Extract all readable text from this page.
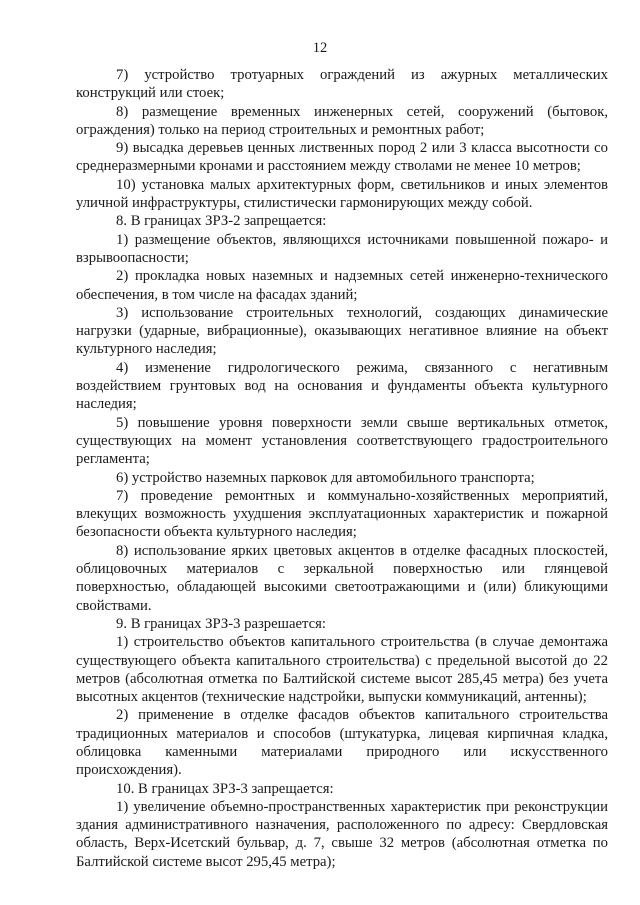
12

7) устройство тротуарных ограждений из ажурных металлических конструкций или стоек;

8) размещение временных инженерных сетей, сооружений (бытовок, ограждения) только на период строительных и ремонтных работ;

9) высадка деревьев ценных лиственных пород 2 или 3 класса высотности со среднеразмерными кронами и расстоянием между стволами не менее 10 метров;

10) установка малых архитектурных форм, светильников и иных элементов уличной инфраструктуры, стилистически гармонирующих между собой.

8. В границах ЗРЗ-2 запрещается:

1) размещение объектов, являющихся источниками повышенной пожаро- и взрывоопасности;

2) прокладка новых наземных и надземных сетей инженерно-технического обеспечения, в том числе на фасадах зданий;

3) использование строительных технологий, создающих динамические нагрузки (ударные, вибрационные), оказывающих негативное влияние на объект культурного наследия;

4) изменение гидрологического режима, связанного с негативным воздействием грунтовых вод на основания и фундаменты объекта культурного наследия;

5) повышение уровня поверхности земли свыше вертикальных отметок, существующих на момент установления соответствующего градостроительного регламента;

6) устройство наземных парковок для автомобильного транспорта;

7) проведение ремонтных и коммунально-хозяйственных мероприятий, влекущих возможность ухудшения эксплуатационных характеристик и пожарной безопасности объекта культурного наследия;

8) использование ярких цветовых акцентов в отделке фасадных плоскостей, облицовочных материалов с зеркальной поверхностью или глянцевой поверхностью, обладающей высокими светоотражающими и (или) бликующими свойствами.

9. В границах ЗРЗ-3 разрешается:

1) строительство объектов капитального строительства (в случае демонтажа существующего объекта капитального строительства) с предельной высотой до 22 метров (абсолютная отметка по Балтийской системе высот 285,45 метра) без учета высотных акцентов (технические надстройки, выпуски коммуникаций, антенны);

2) применение в отделке фасадов объектов капитального строительства традиционных материалов и способов (штукатурка, лицевая кирпичная кладка, облицовка каменными материалами природного или искусственного происхождения).

10. В границах ЗРЗ-3 запрещается:

1) увеличение объемно-пространственных характеристик при реконструкции здания административного назначения, расположенного по адресу: Свердловская область, Верх-Исетский бульвар, д. 7, свыше 32 метров (абсолютная отметка по Балтийской системе высот 295,45 метра);
